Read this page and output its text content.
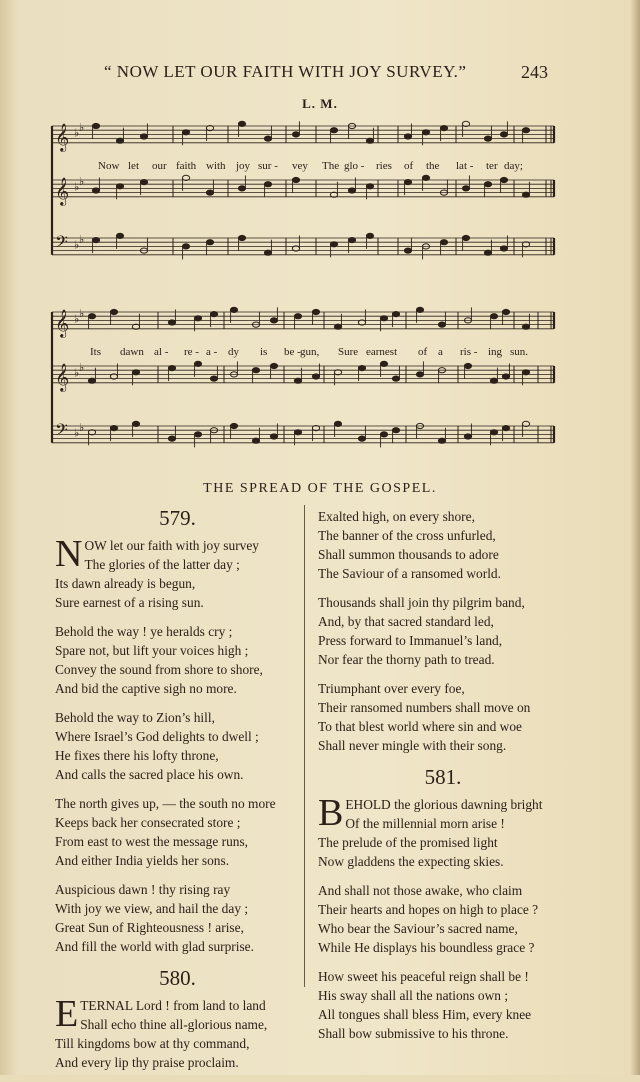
“ NOW LET OUR FAITH WITH JOY SURVEY.”	243
L. M.
𝄞 ♭ ♭
𝄞 ♭ ♭
𝄢 ♭ ♭
Now let our faith with joy sur - vey The glo - ries of the lat - ter day;
𝄞 ♭ ♭
𝄞 ♭ ♭
𝄢 ♭ ♭
Its dawn al - re - a - dy is be - gun, Sure earnest of a ris - ing sun.
THE SPREAD OF THE GOSPEL.
579.
N OW let our faith with joy survey
The glories of the latter day ;
Its dawn already is begun,
Sure earnest of a rising sun.
Behold the way ! ye heralds cry ;
Spare not, but lift your voices high ;
Convey the sound from shore to shore,
And bid the captive sigh no more.
Behold the way to Zion’s hill,
Where Israel’s God delights to dwell ;
He fixes there his lofty throne,
And calls the sacred place his own.
The north gives up, — the south no more
Keeps back her consecrated store ;
From east to west the message runs,
And either India yields her sons.
Auspicious dawn ! thy rising ray
With joy we view, and hail the day ;
Great Sun of Righteousness ! arise,
And fill the world with glad surprise.
580.
E TERNAL Lord ! from land to land
Shall echo thine all-glorious name,
Till kingdoms bow at thy command,
And every lip thy praise proclaim.
Exalted high, on every shore,
The banner of the cross unfurled,
Shall summon thousands to adore
The Saviour of a ransomed world.
Thousands shall join thy pilgrim band,
And, by that sacred standard led,
Press forward to Immanuel’s land,
Nor fear the thorny path to tread.
Triumphant over every foe,
Their ransomed numbers shall move on
To that blest world where sin and woe
Shall never mingle with their song.
581.
B EHOLD the glorious dawning bright
Of the millennial morn arise !
The prelude of the promised light
Now gladdens the expecting skies.
And shall not those awake, who claim
Their hearts and hopes on high to place ?
Who bear the Saviour’s sacred name,
While He displays his boundless grace ?
How sweet his peaceful reign shall be !
His sway shall all the nations own ;
All tongues shall bless Him, every knee
Shall bow submissive to his throne.
